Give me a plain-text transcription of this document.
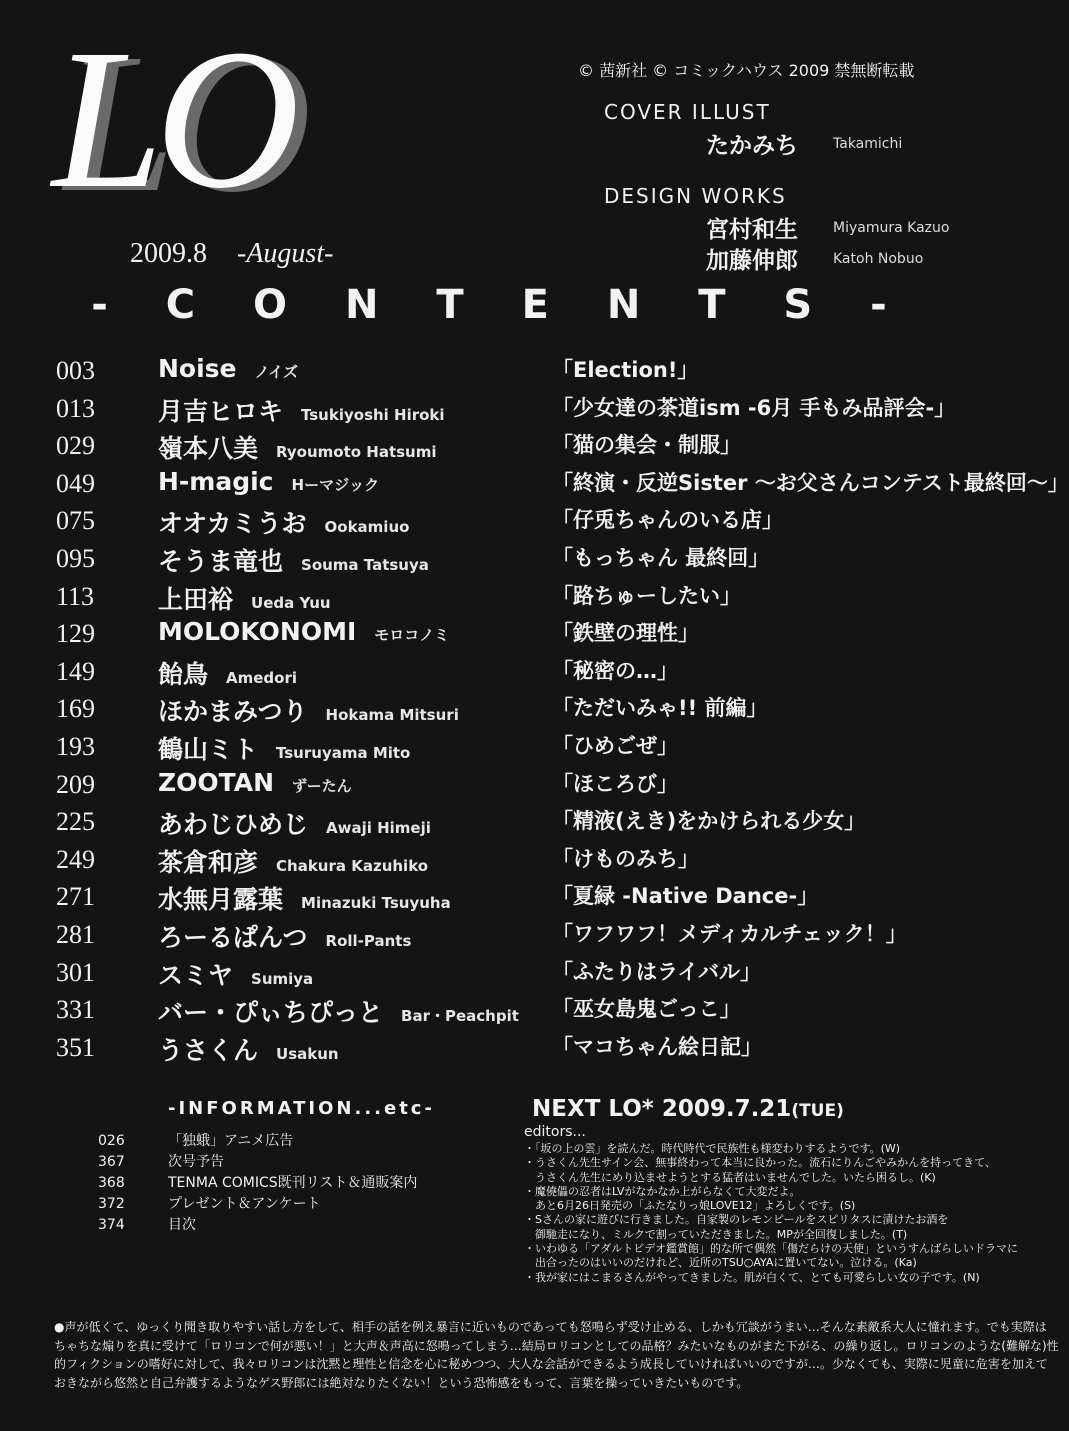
LO
2009.8 -August-
© 茜新社 © コミックハウス 2009 禁無断転載
COVER ILLUST
たかみち	Takamichi
DESIGN WORKS
宮村和生	Miyamura Kazuo
加藤伸郎	Katoh Nobuo
- C O N T E N T S -
003	Noise ノイズ	「Election!」
013	月吉ヒロキ Tsukiyoshi Hiroki	「少女達の茶道ism -6月 手もみ品評会-」
029	嶺本八美 Ryoumoto Hatsumi	「猫の集会・制服」
049	H-magic Hーマジック	「終演・反逆Sister ～お父さんコンテスト最終回～」
075	オオカミうお Ookamiuo	「仔兎ちゃんのいる店」
095	そうま竜也 Souma Tatsuya	「もっちゃん 最終回」
113	上田裕 Ueda Yuu	「路ちゅーしたい」
129	MOLOKONOMI モロコノミ	「鉄壁の理性」
149	飴鳥 Amedori	「秘密の…」
169	ほかまみつり Hokama Mitsuri	「ただいみゃ!! 前編」
193	鶴山ミト Tsuruyama Mito	「ひめごぜ」
209	ZOOTAN ずーたん	「ほころび」
225	あわじひめじ Awaji Himeji	「精液(えき)をかけられる少女」
249	茶倉和彦 Chakura Kazuhiko	「けものみち」
271	水無月露葉 Minazuki Tsuyuha	「夏緑 -Native Dance-」
281	ろーるぱんつ Roll-Pants	「ワフワフ！メディカルチェック！」
301	スミヤ Sumiya	「ふたりはライバル」
331	バー・ぴぃちぴっと Bar・Peachpit 「巫女島鬼ごっこ」
351	うさくん Usakun	「マコちゃん絵日記」
-INFORMATION...etc-
026	「独蛾」アニメ広告
367	次号予告
368	TENMA COMICS既刊リスト＆通販案内
372	プレゼント＆アンケート
374	目次
NEXT LO* 2009.7.21(TUE)
editors...
・「坂の上の雲」を読んだ。時代時代で民族性も様変わりするようです。(W)
・うさくん先生サイン会、無事終わって本当に良かった。流石にりんごやみかんを持ってきて、
　うさくん先生にめり込ませようとする猛者はいませんでした。いたら困るし。(K)
・魔僥儡の忍者はLVがなかなか上がらなくて大変だよ。
　あと6月26日発売の「ふたなりっ娘LOVE12」よろしくです。(S)
・Sさんの家に遊びに行きました。自家製のレモンピールをスピリタスに漬けたお酒を
　御馳走になり、ミルクで割っていただきました。MPが全回復しました。(T)
・いわゆる「アダルトビデオ鑑賞館」的な所で偶然「傷だらけの天使」というすんばらしいドラマに
　出合ったのはいいのだけれど、近所のTSU○AYAに置いてない。泣ける。(Ka)
・我が家にはこまるさんがやってきました。肌が白くて、とても可愛らしい女の子です。(N)
●声が低くて、ゆっくり聞き取りやすい話し方をして、相手の話を例え暴言に近いものであっても怒鳴らず受け止める、しかも冗談がうまい…そんな素敵系大人に憧れます。でも実際は
ちゃちな煽りを真に受けて「ロリコンで何が悪い！」と大声＆声高に怒鳴ってしまう…結局ロリコンとしての品格？みたいなものがまた下がる、の繰り返し。ロリコンのような(難解な)性
的フィクションの嗜好に対して、我々ロリコンは沈黙と理性と信念を心に秘めつつ、大人な会話ができるよう成長していければいいのですが…。少なくても、実際に児童に危害を加えて
おきながら悠然と自己弁護するようなゲス野郎には絶対なりたくない！という恐怖感をもって、言葉を操っていきたいものです。
